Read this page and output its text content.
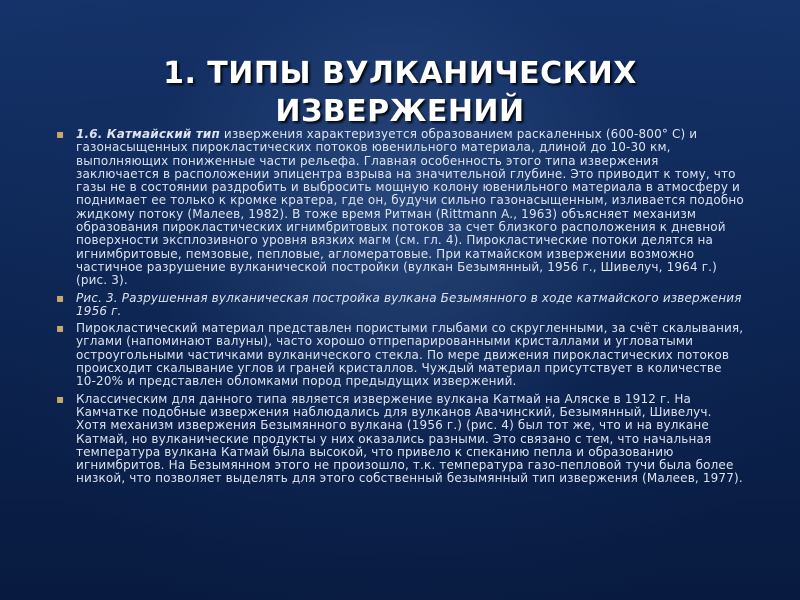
1. ТИПЫ ВУЛКАНИЧЕСКИХ
ИЗВЕРЖЕНИЙ
▪ 1.6. Катмайский тип извержения характеризуется образованием раскаленных (600-800° С) и газонасыщенных пирокластических потоков ювенильного материала, длиной до 10-30 км, выполняющих пониженные части рельефа. Главная особенность этого типа извержения заключается в расположении эпицентра взрыва на значительной глубине. Это приводит к тому, что газы не в состоянии раздробить и выбросить мощную колону ювенильного материала в атмосферу и поднимает ее только к кромке кратера, где он, будучи сильно газонасыщенным, изливается подобно жидкому потоку (Малеев, 1982). В тоже время Ритман (Rittmann A., 1963) объясняет механизм образования пирокластических игнимбритовых потоков за счет близкого расположения к дневной поверхности эксплозивного уровня вязких магм (см. гл. 4). Пирокластические потоки делятся на игнимбритовые, пемзовые, пепловые, агломератовые. При катмайском извержении возможно частичное разрушение вулканической постройки (вулкан Безымянный, 1956 г., Шивелуч, 1964 г.) (рис. 3).
▪ Рис. 3. Разрушенная вулканическая постройка вулкана Безымянного в ходе катмайского извержения 1956 г.
▪ Пирокластический материал представлен пористыми глыбами со скругленными, за счёт скалывания, углами (напоминают валуны), часто хорошо отпрепарированными кристаллами и угловатыми остроугольными частичками вулканического стекла. По мере движения пирокластических потоков происходит скалывание углов и граней кристаллов. Чуждый материал присутствует в количестве 10-20% и представлен обломками пород предыдущих извержений.
▪ Классическим для данного типа является извержение вулкана Катмай на Аляске в 1912 г. На Камчатке подобные извержения наблюдались для вулканов Авачинский, Безымянный, Шивелуч. Хотя механизм извержения Безымянного вулкана (1956 г.) (рис. 4) был тот же, что и на вулкане Катмай, но вулканические продукты у них оказались разными. Это связано с тем, что начальная температура вулкана Катмай была высокой, что привело к спеканию пепла и образованию игнимбритов. На Безымянном этого не произошло, т.к. температура газо-пепловой тучи была более низкой, что позволяет выделять для этого собственный безымянный тип извержения (Малеев, 1977).
